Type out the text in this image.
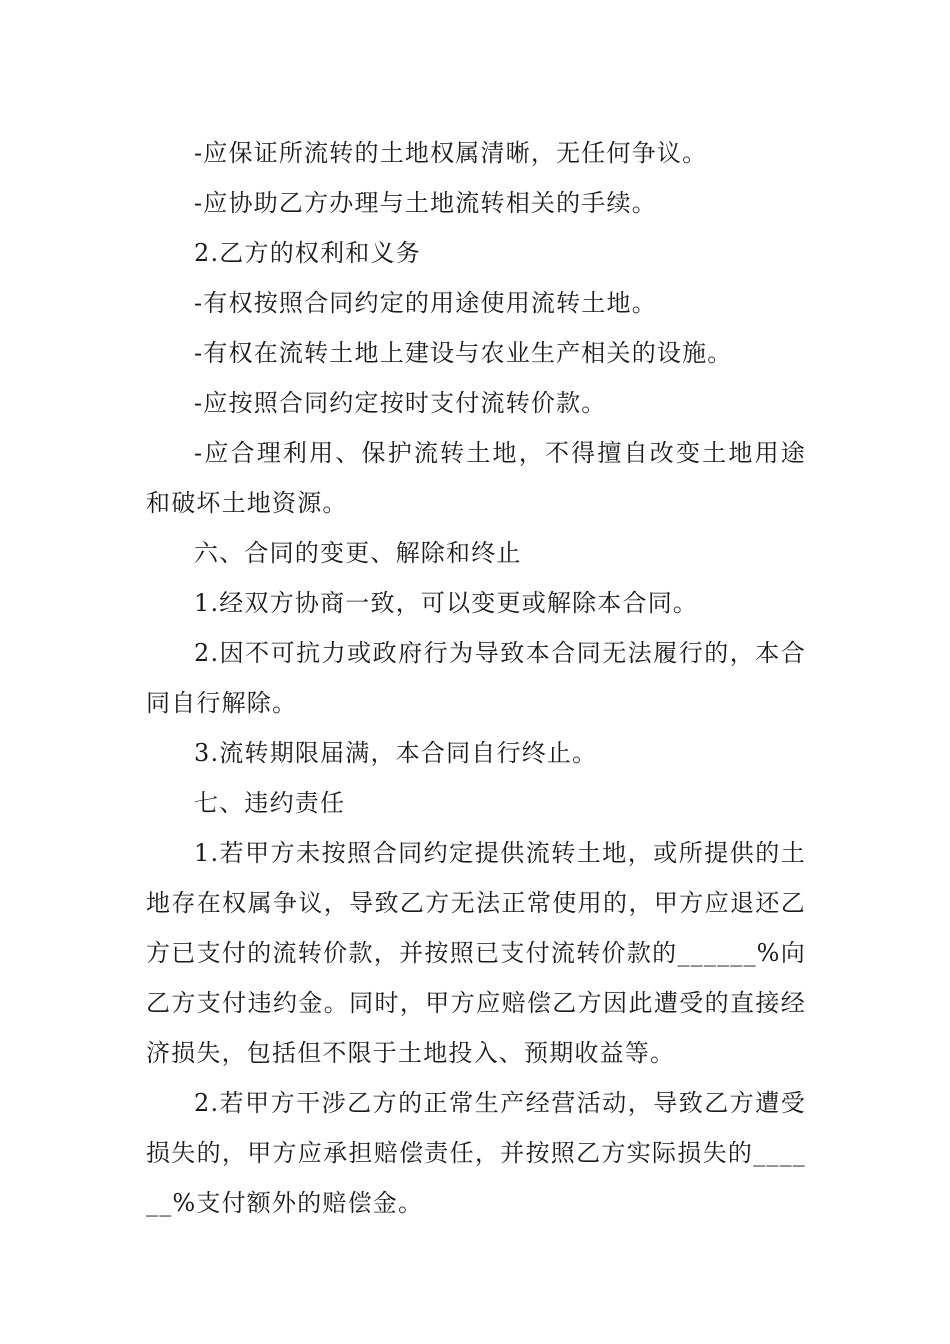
-应保证所流转的土地权属清晰，无任何争议。

-应协助乙方办理与土地流转相关的手续。

2.乙方的权利和义务

-有权按照合同约定的用途使用流转土地。

-有权在流转土地上建设与农业生产相关的设施。

-应按照合同约定按时支付流转价款。

-应合理利用、保护流转土地，不得擅自改变土地用途和破坏土地资源。

六、合同的变更、解除和终止

1.经双方协商一致，可以变更或解除本合同。

2.因不可抗力或政府行为导致本合同无法履行的，本合同自行解除。

3.流转期限届满，本合同自行终止。

七、违约责任

1.若甲方未按照合同约定提供流转土地，或所提供的土地存在权属争议，导致乙方无法正常使用的，甲方应退还乙方已支付的流转价款，并按照已支付流转价款的______%向乙方支付违约金。同时，甲方应赔偿乙方因此遭受的直接经济损失，包括但不限于土地投入、预期收益等。

2.若甲方干涉乙方的正常生产经营活动，导致乙方遭受损失的，甲方应承担赔偿责任，并按照乙方实际损失的______%支付额外的赔偿金。
